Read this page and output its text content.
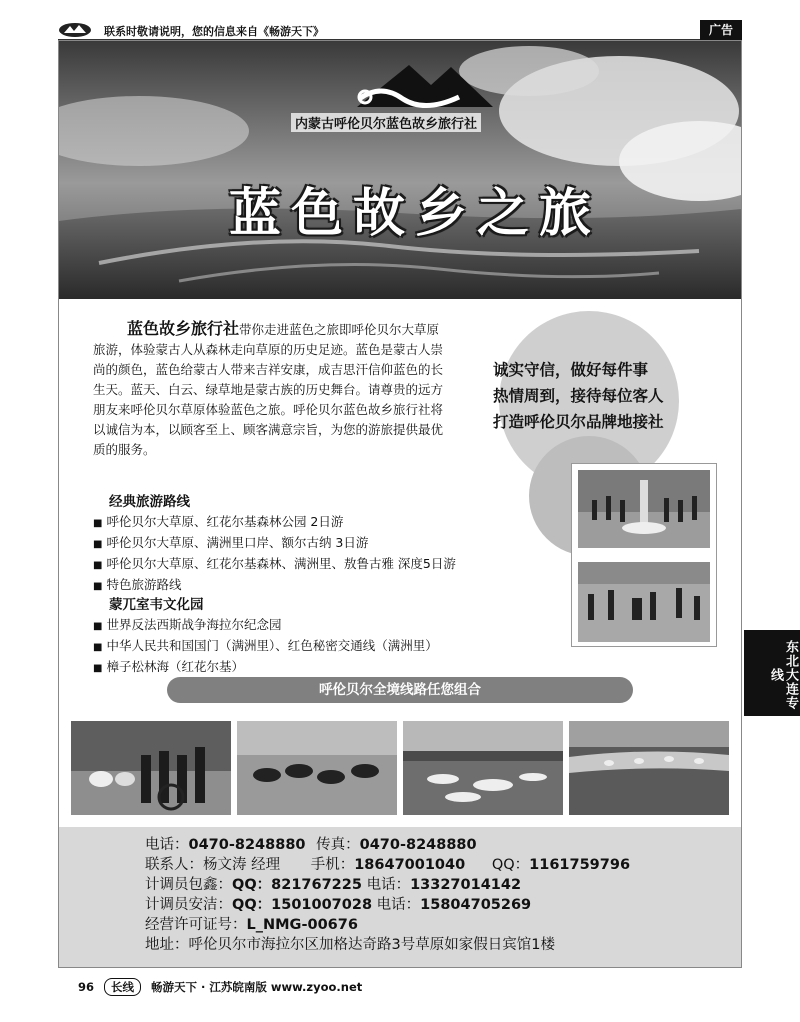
联系时敬请说明，您的信息来自《畅游天下》	广告
内蒙古呼伦贝尔蓝色故乡旅行社
蓝色故乡之旅
蓝色故乡旅行社带你走进蓝色之旅即呼伦贝尔大草原旅游，体验蒙古人从森林走向草原的历史足迹。蓝色是蒙古人崇尚的颜色，蓝色给蒙古人带来吉祥安康，成吉思汗信仰蓝色的长生天。蓝天、白云、绿草地是蒙古族的历史舞台。请尊贵的远方朋友来呼伦贝尔草原体验蓝色之旅。呼伦贝尔蓝色故乡旅行社将以诚信为本，以顾客至上、顾客满意宗旨，为您的游旅提供最优质的服务。
诚实守信，做好每件事
热情周到，接待每位客人
打造呼伦贝尔品牌地接社
经典旅游路线
■ 呼伦贝尔大草原、红花尔基森林公园 2日游
■ 呼伦贝尔大草原、满洲里口岸、额尔古纳 3日游
■ 呼伦贝尔大草原、红花尔基森林、满洲里、敖鲁古雅 深度5日游
■ 特色旅游路线
蒙兀室韦文化园
■ 世界反法西斯战争海拉尔纪念园
■ 中华人民共和国国门（满洲里）、红色秘密交通线（满洲里）
■ 樟子松林海（红花尔基）
呼伦贝尔全境线路任您组合
电话：0470-8248880 传真：0470-8248880
联系人：杨文涛 经理 手机：18647001040 QQ：1161759796
计调员包鑫：QQ：821767225 电话：13327014142
计调员安洁：QQ：1501007028 电话：15804705269
经营许可证号：L_NMG-00676
地址：呼伦贝尔市海拉尔区加格达奇路3号草原如家假日宾馆1楼
东北大连专线
96 长线 畅游天下 · 江苏皖南版 www.zyoo.net
